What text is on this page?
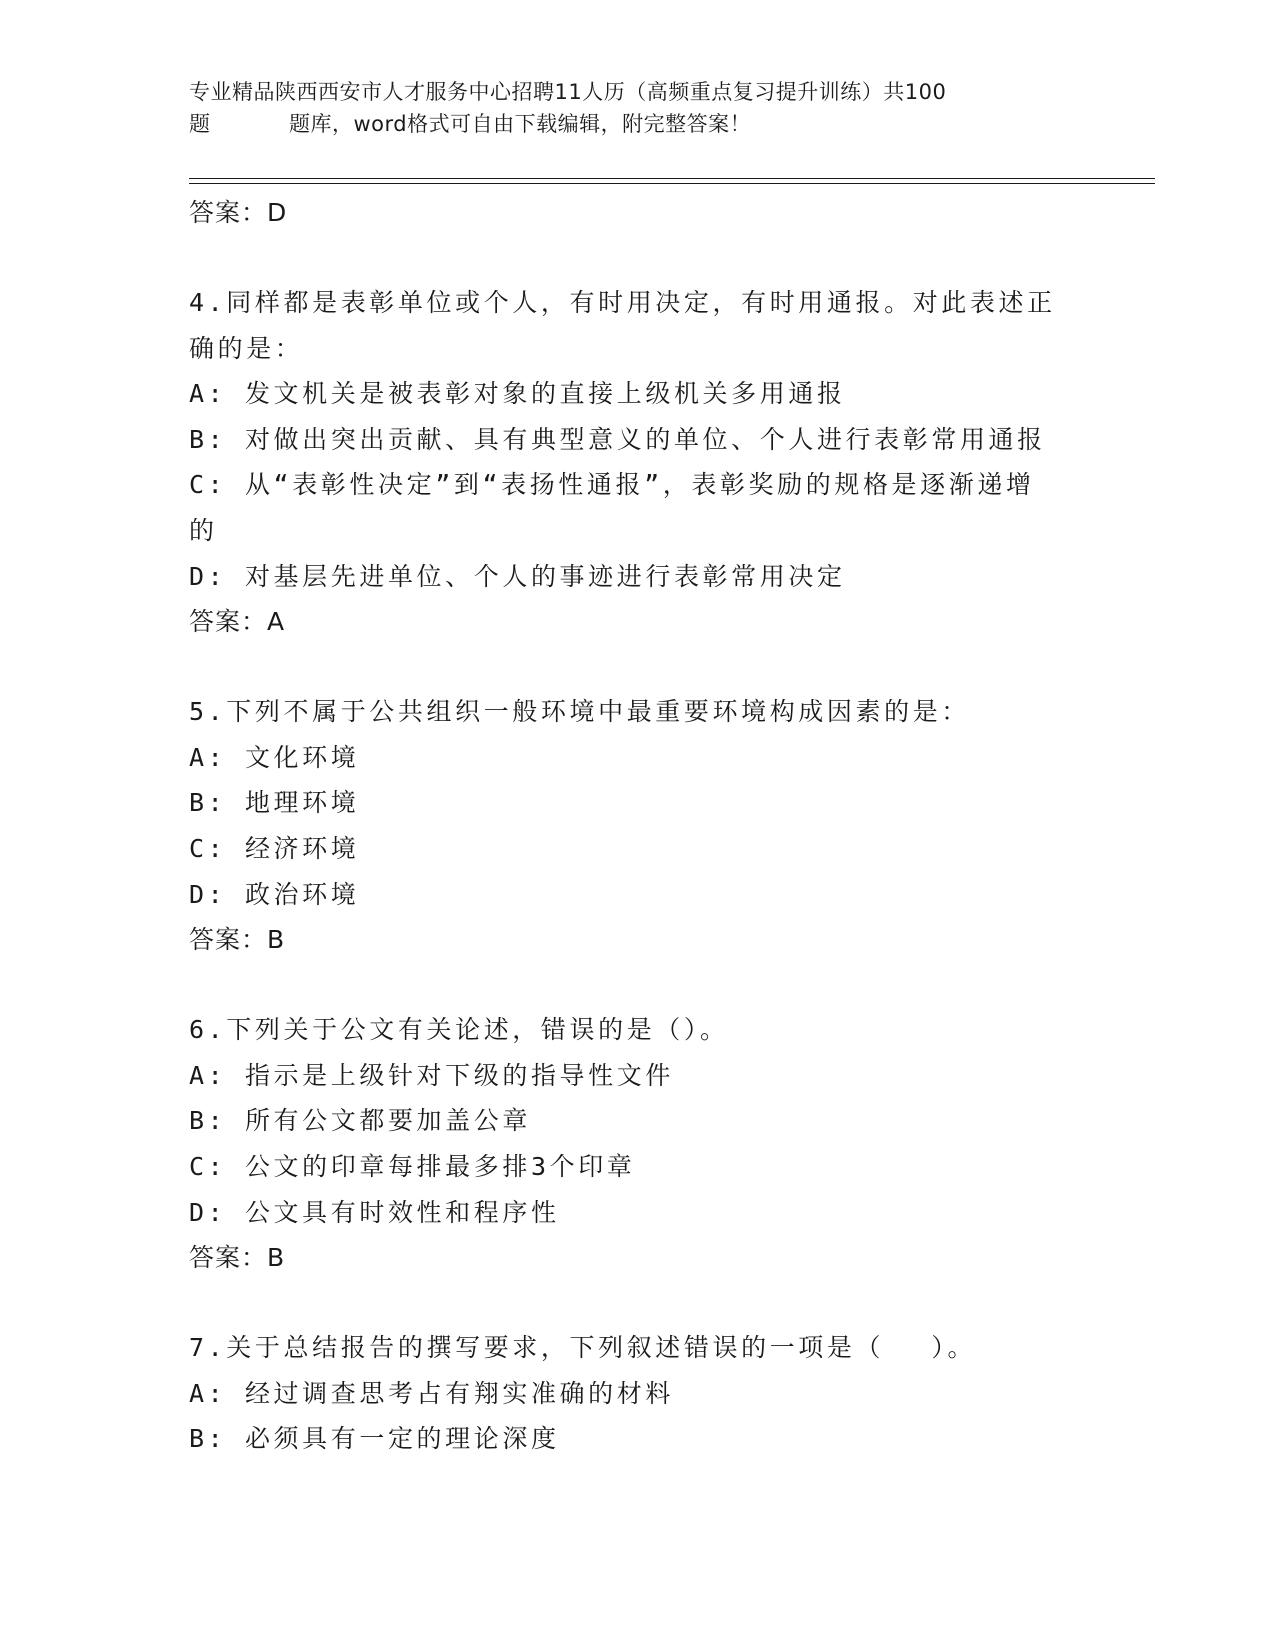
专业精品陕西西安市人才服务中心招聘11人历（高频重点复习提升训练）共100
题	题库，word格式可自由下载编辑，附完整答案！
答案：D
4.同样都是表彰单位或个人，有时用决定，有时用通报。对此表述正
确的是：
A: 发文机关是被表彰对象的直接上级机关多用通报
B: 对做出突出贡献、具有典型意义的单位、个人进行表彰常用通报
C: 从“表彰性决定”到“表扬性通报”，表彰奖励的规格是逐渐递增
的
D: 对基层先进单位、个人的事迹进行表彰常用决定
答案：A
5.下列不属于公共组织一般环境中最重要环境构成因素的是：
A: 文化环境
B: 地理环境
C: 经济环境
D: 政治环境
答案：B
6.下列关于公文有关论述，错误的是（）。
A: 指示是上级针对下级的指导性文件
B: 所有公文都要加盖公章
C: 公文的印章每排最多排3个印章
D: 公文具有时效性和程序性
答案：B
7.关于总结报告的撰写要求，下列叙述错误的一项是（　 ）。
A: 经过调查思考占有翔实准确的材料
B: 必须具有一定的理论深度
